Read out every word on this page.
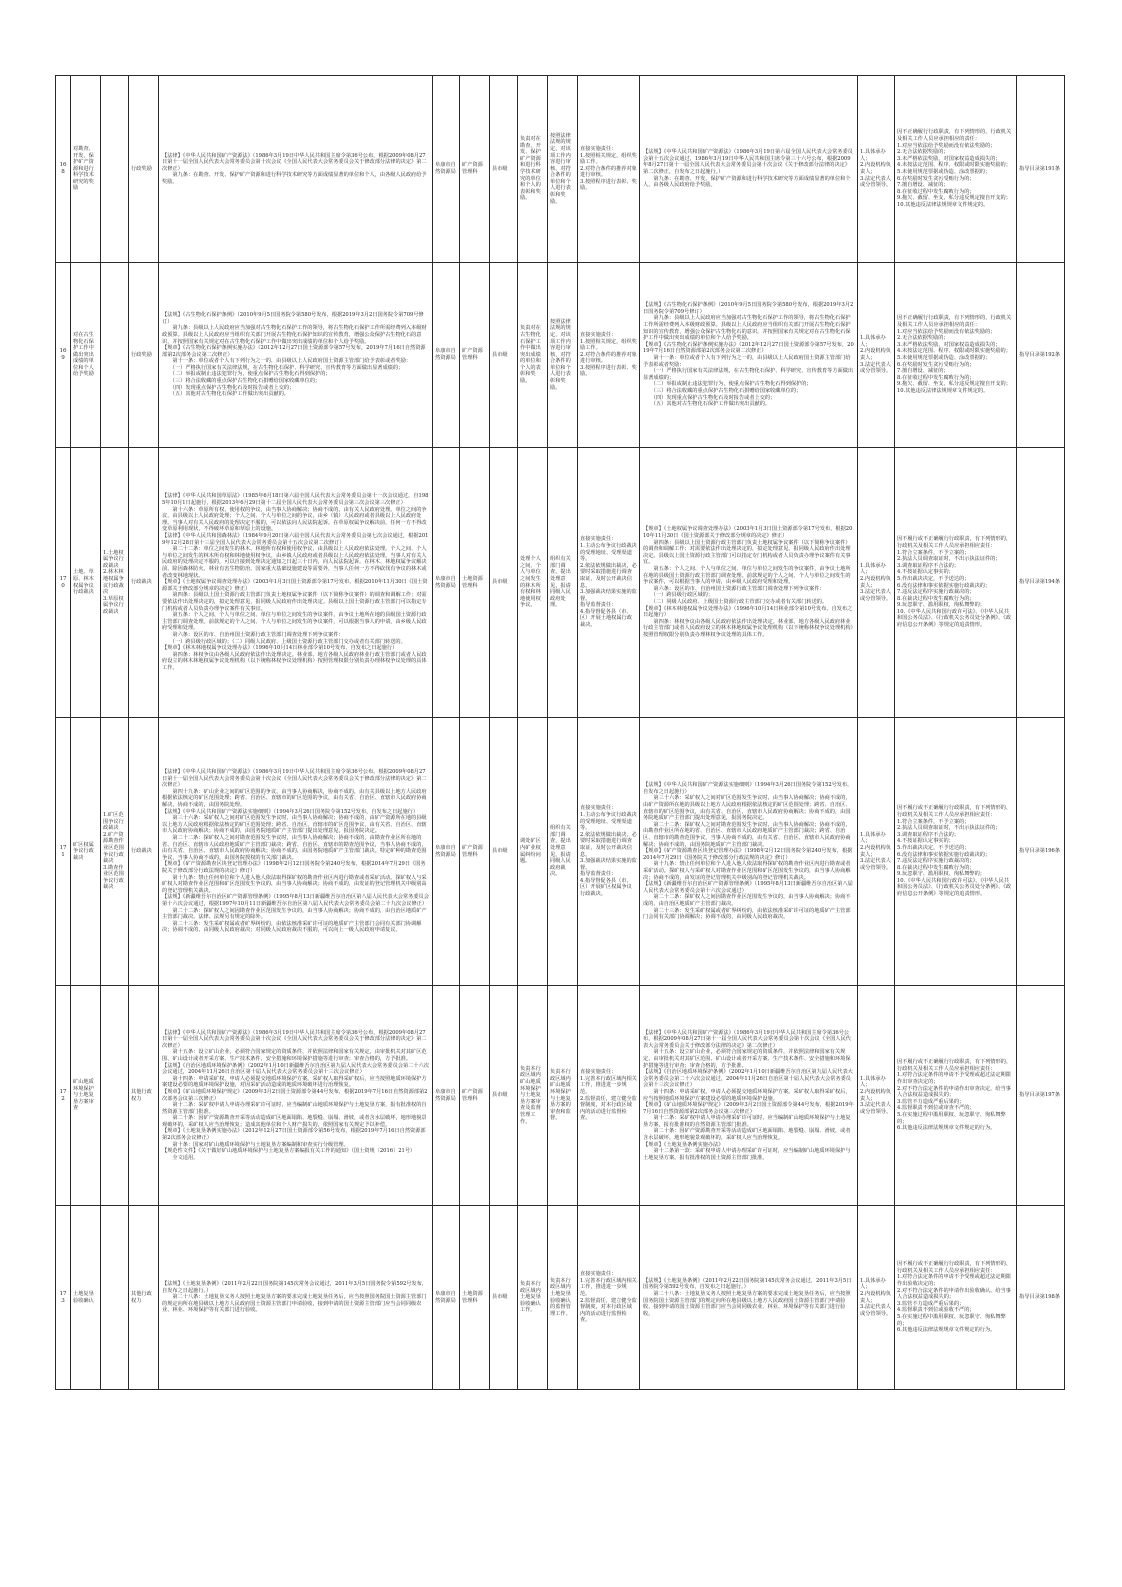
168
对勘查、开发、保护矿产资源和进行科学技术研究的奖励
行政奖励
【法律】《中华人民共和国矿产资源法》（1986年3月19日中华人民共和国主席令第36号公布，根据2009年08月27日第十一届全国人民代表大会常务委员会第十次会议《全国人民代表大会常务委员会关于修改部分法律的决定》第二次修正）
　　第九条：在勘查、开发、保护矿产资源和进行科学技术研究等方面成绩显著的单位和个人，由各级人民政府给予奖励。
阜康市自然资源局
矿产资源管理科
县市级
负责对在勘查、开发、保护矿产资源和进行科学技术研究的单位和个人的表彰和奖励。
按照法律法规的规定，对该项工作内容进行审核，对符合条件的单位和个人进行表彰和奖励。
直接实施责任：
1.按照相关规定，组织奖励工作。
2.对符合条件的推荐对象进行审核。
3.按照程序进行表彰、奖励。
【法规】《中华人民共和国矿产资源法》（1986年3月19日第六届全国人民代表大会常务委员会第十五次会议通过，1986年3月19日中华人民共和国主席令第三十六号公布，根据2009年8月27日第十一届全国人民代表大会常务委员会第十次会议《关于修改部分法律的决定》第二次修正，自发布之日起施行。）
　　第九条：在勘查、开发、保护矿产资源和进行科学技术研究等方面成绩显著的单位和个人，由各级人民政府给予奖励。
1.具体承办人；
2.内设机构负责人；
3.法定代表人或分管领导。
因不正确履行行政职责，有下列情形的，行政机关及相关工作人员应承担相应的责任：
1.对应当依法给予奖励而没有依法奖励的；
2.无合法依据奖励的；
3.未严格依法奖励，对国家权益造成损失的；
4.未按法定范围、程序、权限或时限实施奖励的；
5.未使用规范票据或伪造、涂改票据的；
6.在奖励时发生贪污受贿行为的；
7.擅自增设、减征的；
8.在征收过程中发生腐败行为的；
9.拖欠、截留、坐支、私分违反规定擅自开支的；
10.其他违反法律法规规章文件规定的。
指导目录第191条
169
对在古生物化石保护工作中做出突出成绩的单位和个人给予奖励
行政奖励
【法规】《古生物化石保护条例》（2010年9月5日国务院令第580号发布，根据2019年3月2日国务院令第709号修订）
　　第九条：县级以上人民政府应当加强对古生物化石保护工作的领导，将古生物化石保护工作所需经费列入本级财政预算。县级以上人民政府应当组织有关部门开展古生物化石保护知识的宣传教育，增强公众保护古生物化石的意识，并按照国家有关规定对在古生物化石保护工作中做出突出成绩的单位和个人给予奖励。
【规章】《古生物化石保护条例实施办法》（2012年12月27日国土资源部令第57号发布，2019年7月16日自然资源部第2次部务会议第二次修正）
　　第十一条：单位或者个人有下列行为之一的，由县级以上人民政府国土资源主管部门给予表彰或者奖励：
　　（一）严格执行国家有关法律法规，在古生物化石保护、科学研究、宣传教育等方面做出显著成绩的；
　　（二）举报或制止违法犯罪行为，使重点保护古生物化石得到保护的；
　　（三）将合法收藏的重点保护古生物化石捐赠给国家收藏单位的；
　　（四）发现重点保护古生物化石及时报告或者上交的；
　　（五）其他对古生物化石保护工作做出突出贡献的。
阜康市自然资源局
矿产资源管理科
县市级
负责对在古生物化石保护工作中做出突出成绩的单位和个人的表彰和奖励。
按照法律法规的规定，对该项工作内容进行审核，对符合条件的单位和个人进行表彰和奖励。
直接实施责任：
1.按照相关规定，组织奖励工作。
2.对符合条件的推荐对象进行审核。
3.按照程序进行表彰、奖励。
【法规】《古生物化石保护条例》（2010年9月5日国务院令第580号发布，根据2019年3月2日国务院令第709号修订）
　　第九条：县级以上人民政府应当加强对古生物化石保护工作的领导，将古生物化石保护工作所需经费列入本级财政预算。县级以上人民政府应当组织有关部门开展古生物化石保护知识的宣传教育，增强公众保护古生物化石的意识，并按照国家有关规定对在古生物化石保护工作中做出突出成绩的单位和个人给予奖励。
【规章】《古生物化石保护条例实施办法》（2012年12月27日国土资源部令第57号发布，2019年7月16日自然资源部第2次部务会议第二次修正）
　　第十一条：单位或者个人有下列行为之一的，由县级以上人民政府国土资源主管部门给予表彰或者奖励：
　　（一）严格执行国家有关法律法规，在古生物化石保护、科学研究、宣传教育等方面做出显著成绩的；
　　（二）举报或制止违法犯罪行为，使重点保护古生物化石得到保护的；
　　（三）将合法收藏的重点保护古生物化石捐赠给国家收藏单位的；
　　（四）发现重点保护古生物化石及时报告或者上交的；
　　（五）其他对古生物化石保护工作做出突出贡献的。
1.具体承办人；
2.内设机构负责人；
3.法定代表人或分管领导。
因不正确履行行政职责，有下列情形的，行政机关及相关工作人员应承担相应的责任：
1.对应当依法给予奖励而没有依法奖励的；
2.无合法依据奖励的；
3.未严格依法奖励，对国家权益造成损失的；
4.未按法定范围、程序、权限或时限实施奖励的；
5.未使用规范票据或伪造、涂改票据的；
6.在奖励时发生贪污受贿行为的；
7.擅自增设、减征的；
8.在征收过程中发生腐败行为的；
9.拖欠、截留、坐支、私分违反规定擅自开支的；
10.其他违反法律法规规章文件规定的。
指导目录第192条
170
土地、草原、林木权属争议行政裁决
1.土地权属争议行政裁决
2.林木林地权属争议行政裁决
3.草原权属争议行政裁决
行政裁决
【法律】《中华人民共和国草原法》（1985年6月18日第六届全国人民代表大会常务委员会第十一次会议通过，自1985年10月1日起施行，根据2013年6月29日第十二届全国人民代表大会常务委员会第三次会议第三次修正）
　　第十六条：草原所有权、使用权的争议，由当事人协商解决；协商不成的，由有关人民政府处理。单位之间的争议，由县级以上人民政府处理；个人之间、个人与单位之间的争议，由乡（镇）人民政府或者县级以上人民政府处理。当事人对有关人民政府的处理决定不服的，可以依法向人民法院起诉。在草原权属争议解决前，任何一方不得改变草原利用现状，不得破坏草原和草原上的设施。
【法律】《中华人民共和国森林法》（1984年9月20日第六届全国人民代表大会常务委员会第七次会议通过，根据2019年12月28日第十三届全国人民代表大会常务委员会第十五次会议第二次修订）
　　第二十二条：单位之间发生的林木、林地所有权和使用权争议，由县级以上人民政府依法处理。个人之间、个人与单位之间发生的林木所有权和林地使用权争议，由乡镇人民政府或者县级以上人民政府依法处理。当事人对有关人民政府的处理决定不服的，可以自接到处理决定通知之日起三十日内，向人民法院起诉。在林木、林地权属争议解决前，除因森林防火、林业有害生物防治、国家重大基础设施建设等需要外，当事人任何一方不得砍伐有争议的林木或者改变林地现状。
【规章】《土地权属争议调查处理办法》（2003年1月3日国土资源部令第17号发布，根据2010年11月30日《国土资源部关于修改部分规章的决定》修正）
　　第四条：县级以上国土资源行政主管部门负责土地权属争议案件（以下简称争议案件）的调查和调解工作；对需要依法作出处理决定的，拟定处理意见，报同级人民政府作出处理决定。县级以上国土资源行政主管部门可以指定专门机构或者人员负责办理争议案件有关事宜。
　　第五条：个人之间、个人与单位之间、单位与单位之间发生的争议案件，由争议土地所在地的县级国土资源行政主管部门调查处理。前款规定的个人之间、个人与单位之间发生的争议案件，可以根据当事人的申请，由乡级人民政府受理和处理。
　　第六条：设区的市、自治州国土资源行政主管部门调查处理下列争议案件：
　　（一）跨县级行政区域的；（二）同级人民政府、上级国土资源行政主管部门交办或者有关部门转送的。
【规章】《林木林地权属争议处理办法》（1996年10月14日林业部令第10号发布，自发布之日起施行）
　　第四条：林权争议由各级人民政府依法作出处理决定。林业部、地方各级人民政府林业行政主管部门或者人民政府设立的林木林地权属争议处理机构（以下统称林权争议处理机构）按照管理权限分别负责办理林权争议处理的具体工作。
阜康市自然资源局
土地资源管理科
县市级
处理个人之间、个人与单位之间发生的林木所有权和林地使用权争议。
组织有关部门调查，提出处理意见，报请同级人民政府处理。
直接实施责任：
1.主动公布争议行政裁决的受理地址、受理渠道等。
2.依法依规做出裁决，必要时采取措施进行调查取证，及时公开裁决信息。
3.加强裁决结果实施的监督。
指导监督责任：
4.指导督促各县（市、区）开展土地权属行政裁决。
【规章】《土地权属争议调查处理办法》（2003年1月3日国土资源部令第17号发布，根据2010年11月30日《国土资源部关于修改部分规章的决定》修正）
　　第四条：县级以上国土资源行政主管部门负责土地权属争议案件（以下简称争议案件）的调查和调解工作；对需要依法作出处理决定的，拟定处理意见，报同级人民政府作出处理决定。县级以上国土资源行政主管部门可以指定专门机构或者人员负责办理争议案件有关事宜。
　　第五条：个人之间、个人与单位之间、单位与单位之间发生的争议案件，由争议土地所在地的县级国土资源行政主管部门调查处理。前款规定的个人之间、个人与单位之间发生的争议案件，可以根据当事人的申请，由乡级人民政府受理和处理。
　　第六条：设区的市、自治州国土资源行政主管部门调查处理下列争议案件：
　　（一）跨县级行政区域的；
　　（二）同级人民政府、上级国土资源行政主管部门交办或者有关部门转送的。
【规章】《林木林地权属争议处理办法》（1996年10月14日林业部令第10号发布，自发布之日起施行）
　　第四条：林权争议由各级人民政府依法作出处理决定。林业部、地方各级人民政府林业行政主管部门或者人民政府设立的林木林地权属争议处理机构（以下统称林权争议处理机构）按照管理权限分别负责办理林权争议处理的具体工作。
1.具体承办人；
2.内设机构负责人；
3.法定代表人或分管领导。
因不履行或不正确履行行政职责，有下列情形的，行政机关及相关工作人员应承担相应责任：
1.符合立案条件，不予立案的；
2.执法人员调查取证时，不出示执法证件的；
3.调查取证程序不合法的；
4.不按证据认定事实的；
5.作出裁决决定，不予送达的；
6.没有法律和事实依据实施行政裁决的；
7.违反法定程序实施行政裁决的；
8.在裁决过程中发生腐败行为的；
9.玩忽职守、滥用职权、徇私舞弊的；
10.《中华人民共和国行政许可法》、《中华人民共和国公务员法》、《行政机关公务员处分条例》、《政府信息公开条例》等规定的追责情形。
指导目录第194条
171
矿区权属争议行政裁决
1.矿区范围争议行政裁决
2.矿产资源勘查作业区范围争议行政裁决
3.勘查作业区范围争议行政裁决
行政裁决
【法律】《中华人民共和国矿产资源法》（1986年3月19日中华人民共和国主席令第36号公布，根据2009年08月27日第十一届全国人民代表大会常务委员会第十次会议《全国人民代表大会常务委员会关于修改部分法律的决定》第二次修正）
　　第四十九条：矿山企业之间的矿区范围的争议，由当事人协商解决，协商不成的，由有关县级以上地方人民政府根据依法核定的矿区范围处理；跨省、自治区、直辖市的矿区范围的争议，由有关省、自治区、直辖市人民政府协商解决，协商不成的，由国务院处理。
【法规】《中华人民共和国矿产资源法实施细则》（1994年3月26日国务院令第152号发布，自发布之日起施行）
　　第三十六条：采矿权人之间对矿区范围发生争议时，由当事人协商解决；协商不成的，由矿产资源所在地的县级以上地方人民政府根据依法核定的矿区范围处理；跨省、自治区、直辖市的矿区范围争议，由有关省、自治区、直辖市人民政府协商解决；协商不成的，由国务院地质矿产主管部门提出处理意见，报国务院决定。
　　第二十二条：探矿权人之间对勘查范围发生争议时，由当事人协商解决；协商不成的，由勘查作业区所在地的省、自治区、直辖市人民政府地质矿产主管部门裁决；跨省、自治区、直辖市的勘查范围争议，当事人协商不成的，由有关省、自治区、直辖市人民政府协商解决；协商不成的，由国务院地质矿产主管部门裁决。特定矿种的勘查范围争议，当事人协商不成的，由国务院授权的有关部门裁决。
【规章】《矿产资源勘查区块登记管理办法》（1998年2月12日国务院令第240号发布，根据2014年7月29日《国务院关于修改部分行政法规的决定》修订）
　　第十九条：禁止任何单位和个人进入他人依法取得探矿权的勘查作业区内进行勘查或者采矿活动。探矿权人与采矿权人对勘查作业区范围和矿区范围发生争议的，由当事人协商解决；协商不成的，由发证的登记管理机关中级别高的登记管理机关裁决。
【法规】《新疆维吾尔自治区矿产资源管理条例》（1995年8月13日新疆维吾尔自治区第八届人民代表大会常务委员会第十六次会议通过，根据1997年10月11日新疆维吾尔自治区第八届人民代表大会常务委员会第二十九次会议修正）
　　第二十二条：探矿权人之间因勘查作业区范围发生争议的，由当事人协商解决；协商不成的，由自治区地质矿产主管部门裁决。法律、法规另有规定的除外。
　　第二十三条：发生采矿权属或者矿界纠纷的，由依法核准采矿许可证的地质矿产主管部门会同有关部门协调解决；协调不成的，由同级人民政府裁决；对同级人民政府裁决不服的，可以向上一级人民政府申请复议。
阜康市自然资源局
矿产资源管理科
县市级
调处矿区内矿业权属纠纷问题。
组织有关部门调查，提出处理意见，报请同级人民政府裁决。
直接实施责任：
1.主动公布争议行政裁决的受理地址、受理渠道等。
2.依法依规做出裁决，必要时采取措施进行调查取证，及时公开裁决信息。
3.加强裁决结果实施的监督。
指导监督责任：
4.指导督促各县（市、区）开展矿区权属争议行政裁决。
【法规】《中华人民共和国矿产资源法实施细则》（1994年3月26日国务院令第152号发布，自发布之日起施行）
　　第三十六条：采矿权人之间对矿区范围发生争议时，由当事人协商解决；协商不成的，由矿产资源所在地的县级以上地方人民政府根据依法核定的矿区范围处理；跨省、自治区、直辖市的矿区范围争议，由有关省、自治区、直辖市人民政府协商解决；协商不成的，由国务院地质矿产主管部门提出处理意见，报国务院决定。
　　第二十二条：探矿权人之间对勘查范围发生争议时，由当事人协商解决；协商不成的，由勘查作业区所在地的省、自治区、直辖市人民政府地质矿产主管部门裁决；跨省、自治区、直辖市的勘查范围争议，当事人协商不成的，由有关省、自治区、直辖市人民政府协商解决；协商不成的，由国务院地质矿产主管部门裁决。
【规章】《矿产资源勘查区块登记管理办法》（1998年2月12日国务院令第240号发布，根据2014年7月29日《国务院关于修改部分行政法规的决定》修订）
　　第十九条：禁止任何单位和个人进入他人依法取得探矿权的勘查作业区内进行勘查或者采矿活动。探矿权人与采矿权人对勘查作业区范围和矿区范围发生争议的，由当事人协商解决；协商不成的，由发证的登记管理机关中级别高的登记管理机关裁决。
【法规】《新疆维吾尔自治区矿产资源管理条例》（1995年8月13日新疆维吾尔自治区第八届人民代表大会常务委员会第十六次会议通过）
　　第二十二条：探矿权人之间因勘查作业区范围发生争议的，由当事人协商解决；协商不成的，由自治区地质矿产主管部门裁决。
　　第二十三条：发生采矿权属或者矿界纠纷的，由依法核准采矿许可证的地质矿产主管部门会同有关部门协调解决；协调不成的，由同级人民政府裁决。
1.具体承办人；
2.内设机构负责人；
3.法定代表人或分管领导。
因不履行或不正确履行行政职责，有下列情形的，行政机关及相关工作人员应承担相应责任：
1.符合立案条件，不予立案的；
2.执法人员调查取证时，不出示执法证件的；
3.调查取证程序不合法的；
4.不按证据认定事实的；
5.作出裁决决定，不予送达的；
6.没有法律和事实依据实施行政裁决的；
7.违反法定程序实施行政裁决的；
8.在裁决过程中发生腐败行为的；
9.玩忽职守、滥用职权、徇私舞弊的；
10.《中华人民共和国行政许可法》、《中华人民共和国公务员法》、《行政机关公务员处分条例》、《政府信息公开条例》等规定的追责情形。
指导目录第196条
172
矿山地质环境保护与土地复垦方案审查
其他行政权力
【法律】《中华人民共和国矿产资源法》（1986年3月19日中华人民共和国主席令第36号公布，根据2009年08月27日第十一届全国人民代表大会常务委员会第十次会议《全国人民代表大会常务委员会关于修改部分法律的决定》第二次修正）
　　第十五条：设立矿山企业，必须符合国家规定的资质条件，并依照法律和国家有关规定，由审批机关对其矿区范围、矿山设计或者开采方案、生产技术条件、安全措施和环境保护措施等进行审查；审查合格的，方予批准。
【法规】《自治区地质环境保护条例》（2002年1月10日新疆维吾尔自治区第九届人民代表大会常务委员会第二十六次会议通过，2004年11月26日自治区第十届人民代表大会常务委员会第十三次会议修正）
　　第十四条：申请采矿权，申请人必须提交地质环境保护方案。采矿权人取得采矿权后，应当按照地质环境保护方案建设必要的地质环境保护设施，对因采矿活动造成的地质环境破坏进行治理恢复。
【规章】《矿山地质环境保护规定》（2009年3月2日国土资源部令第44号发布，根据2019年7月16日自然资源部第2次部务会议第三次修正）
　　第十二条：采矿权申请人申请办理采矿许可证时，应当编制矿山地质环境保护与土地复垦方案，报有批准权的自然资源主管部门批准。
　　第二十条：因矿产资源勘查开采等活动造成矿区地面塌陷、地裂缝、崩塌、滑坡，或者含水层破坏，地形地貌景观破坏的，采矿权人应当治理恢复；造成其他单位和个人财产损失的，依照国家有关规定予以补偿。
【规章】《土地复垦条例实施办法》（2012年12月27日国土资源部令第56号发布，根据2019年7月16日自然资源部第2次部务会议修正）
　　第十条：国家对矿山地质环境保护与土地复垦方案编制和审查实行分级管理。
【规范性文件】《关于做好矿山地质环境保护与土地复垦方案编报有关工作的通知》（国土资规〔2016〕21号）
　　全文适用。
阜康市自然资源局
矿产资源管理科
县市级
负责本行政区域内矿山地质环境保护与土地复垦方案审查及监督管理工作。
负责本行政区域内矿山地质环境保护与土地复垦方案的审查和监督。
直接实施责任：
1.完善本行政区域内相关工作，推进进一步规范。
2.监督责任，建立健全监督制度，对本行政区域内的活动进行监督检查。
【法律】《中华人民共和国矿产资源法》（1986年3月19日中华人民共和国主席令第36号公布，根据2009年08月27日第十一届全国人民代表大会常务委员会第十次会议《全国人民代表大会常务委员会关于修改部分法律的决定》第二次修正）
　　第十五条：设立矿山企业，必须符合国家规定的资质条件，并依照法律和国家有关规定，由审批机关对其矿区范围、矿山设计或者开采方案、生产技术条件、安全措施和环境保护措施等进行审查；审查合格的，方予批准。
【法规】《自治区地质环境保护条例》（2002年1月10日新疆维吾尔自治区第九届人民代表大会常务委员会第二十六次会议通过，2004年11月26日自治区第十届人民代表大会常务委员会第十三次会议修正）
　　第十四条：申请采矿权，申请人必须提交地质环境保护方案。采矿权人取得采矿权后，应当按照地质环境保护方案建设必要的地质环境保护设施。
【规章】《矿山地质环境保护规定》（2009年3月2日国土资源部令第44号发布，根据2019年7月16日自然资源部第2次部务会议第三次修正）
　　第十二条：采矿权申请人申请办理采矿许可证时，应当编制矿山地质环境保护与土地复垦方案，报有批准权的自然资源主管部门批准。
　　第二十条：因矿产资源勘查开采等活动造成矿区地面塌陷、地裂缝、崩塌、滑坡，或者含水层破坏，地形地貌景观破坏的，采矿权人应当治理恢复。
【规章】《土地复垦条例实施办法》
　　第十二条第一款：采矿权申请人申请办理采矿许可证时，应当编制矿山地质环境保护与土地复垦方案，报有批准权的国土资源主管部门批准。
1.具体承办人；
2.内设机构负责人；
3.法定代表人或分管领导。
因不履行或不正确履行行政职责，有下列情形的，行政机关及相关工作人员应承担相应责任：
1.对符合法定条件的申请不予受理或超过法定期限作出审查决定的；
2.对不符合法定条件的申请作出审查决定，给当事人合法权益造成损失的；
3.监管不力造成严重后果的；
4.监督职责不到位或审查不严的；
5.在实施过程中滥用职权、玩忽职守、徇私舞弊的；
6.其他违反法律法规规章文件规定的行为。
指导目录第197条
173
土地复垦验收确认
其他行政权力
【法规】《土地复垦条例》（2011年2月22日国务院第145次常务会议通过，2011年3月5日国务院令第592号发布，自发布之日起施行。）
　　第二十八条：土地复垦义务人按照土地复垦方案的要求完成土地复垦任务后，应当按照国务院国土资源主管部门的规定向所在地县级以上地方人民政府国土资源主管部门申请验收，接到申请的国土资源主管部门应当会同同级农业、林业、环境保护等有关部门进行验收。
阜康市自然资源局
土地资源管理科
县市级
负责本行政区域内土地复垦验收确认工作。
负责本行政区域内土地复垦验收确认的监督管理工作。
直接实施责任：
1.完善本行政区域内相关工作，推进进一步规范。
2.监督责任，建立健全监督制度，对本行政区域内的活动进行监督检查。
【法规】《土地复垦条例》（2011年2月22日国务院第145次常务会议通过，2011年3月5日国务院令第592号发布，自发布之日起施行。）
　　第二十八条：土地复垦义务人按照土地复垦方案的要求完成土地复垦任务后，应当按照国务院国土资源主管部门的规定向所在地县级以上地方人民政府国土资源主管部门申请验收，接到申请的国土资源主管部门应当会同同级农业、林业、环境保护等有关部门进行验收。
1.具体承办人；
2.内设机构负责人；
3.法定代表人或分管领导。
因不履行或不正确履行行政职责，有下列情形的，行政机关及相关工作人员应承担相应责任：
1.对符合法定条件的申请不予受理或超过法定期限作出验收决定的；
2.对不符合法定条件的申请作出验收确认，给当事人合法权益造成损失的；
3.监管不力造成严重后果的；
4.监督职责不到位或验收不严的；
5.在实施过程中滥用职权、玩忽职守、徇私舞弊的；
6.其他违反法律法规规章文件规定的行为。
指导目录第198条
